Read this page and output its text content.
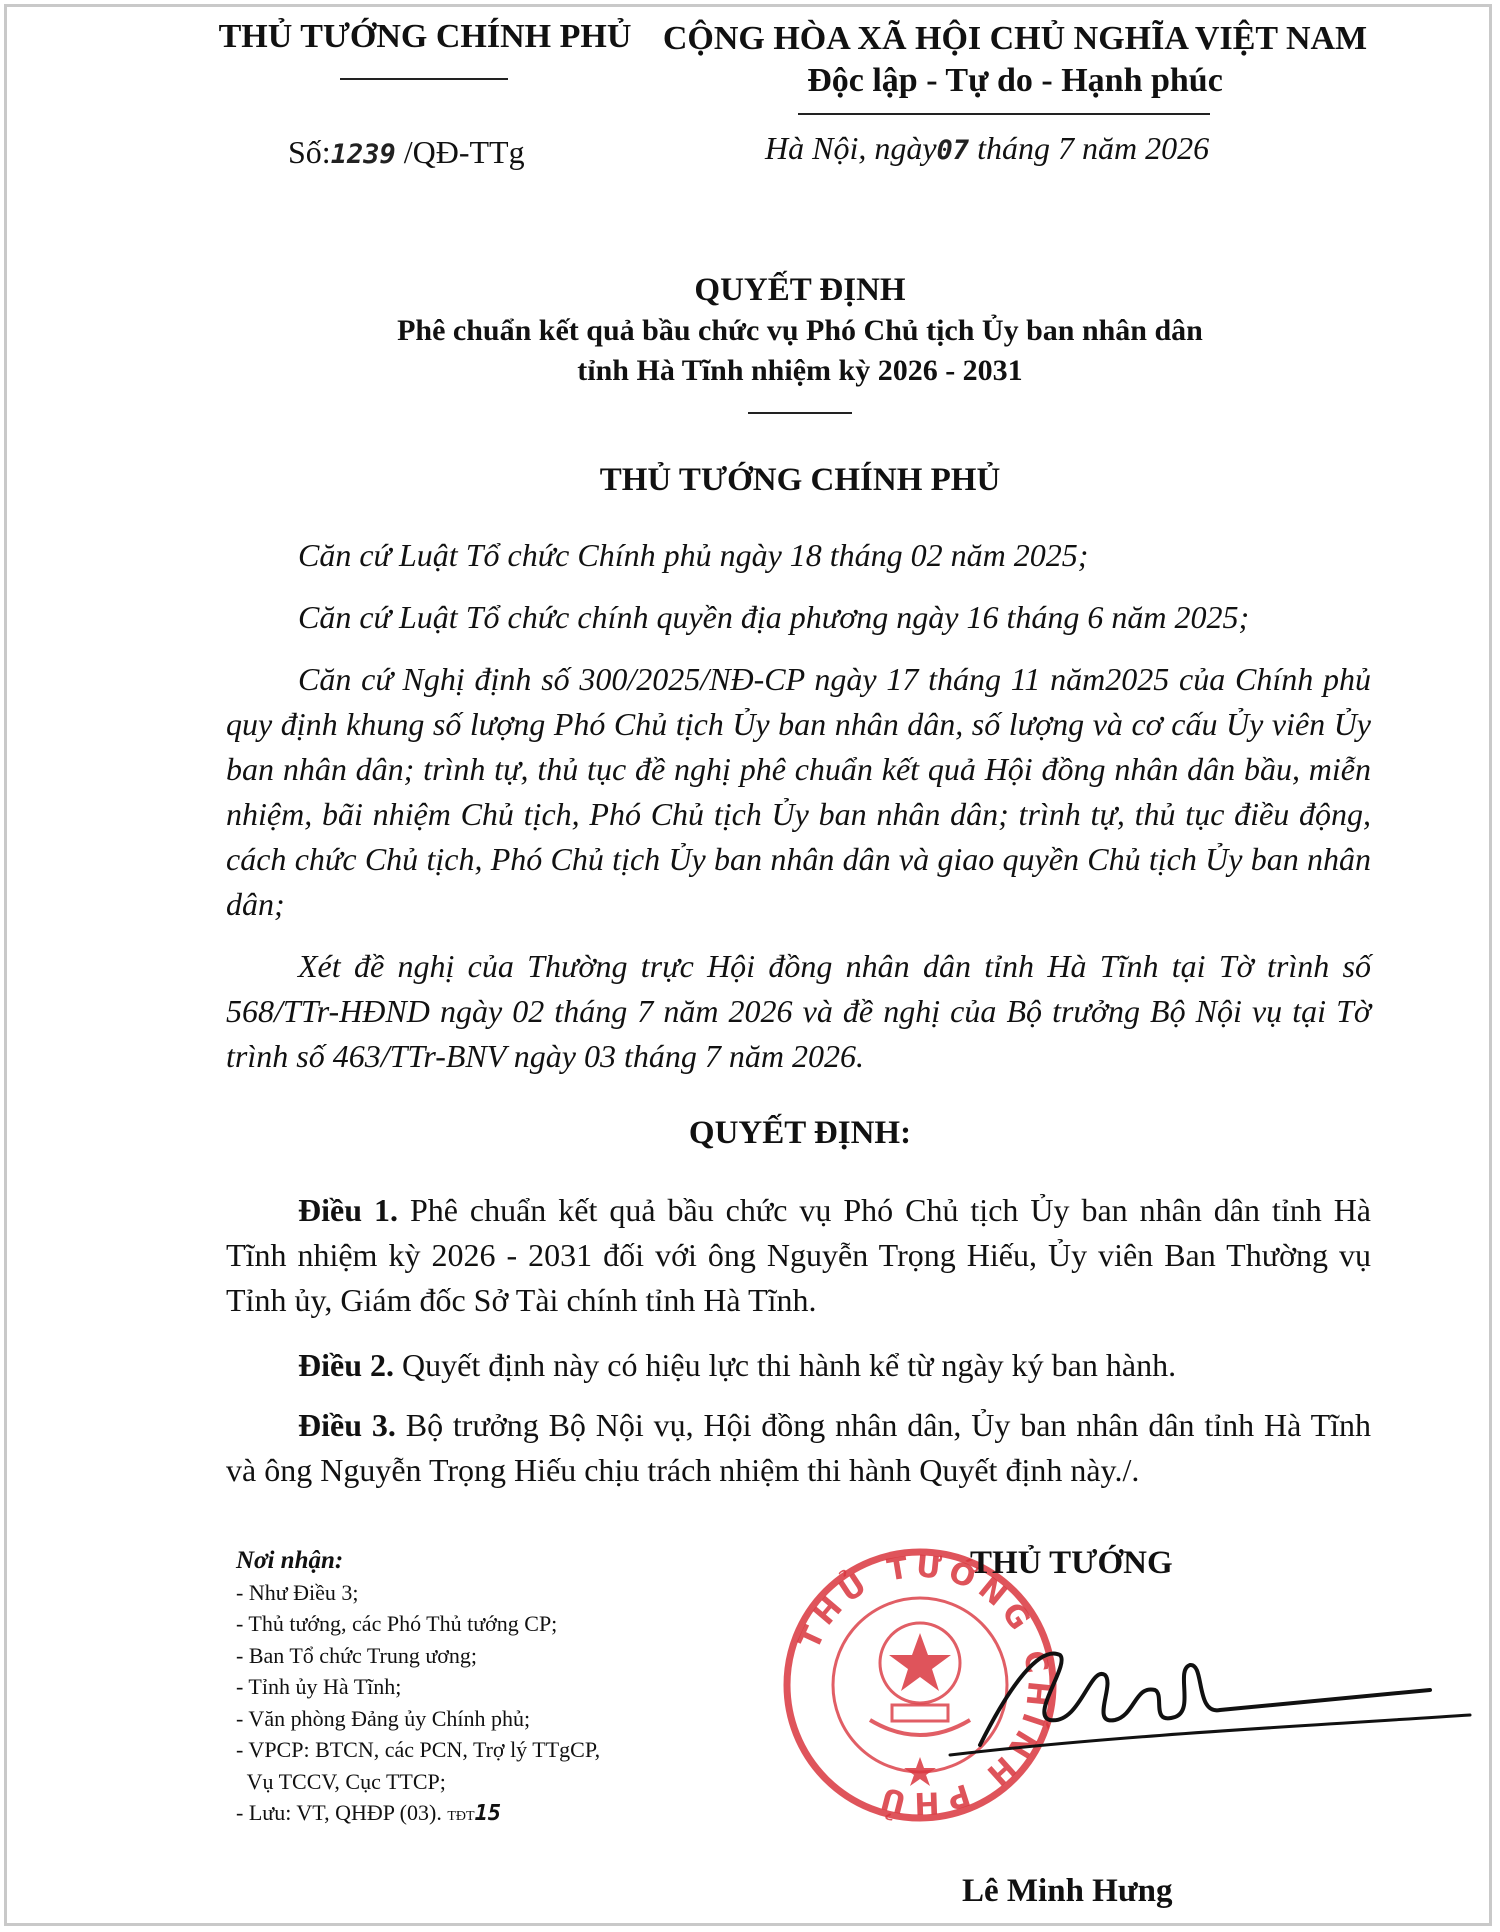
THỦ TƯỚNG CHÍNH PHỦ CỘNG HÒA XÃ HỘI CHỦ NGHĨA VIỆT NAM
Độc lập - Tự do - Hạnh phúc
Số:1239 /QĐ-TTg	Hà Nội, ngày07 tháng 7 năm 2026
QUYẾT ĐỊNH
Phê chuẩn kết quả bầu chức vụ Phó Chủ tịch Ủy ban nhân dân
tỉnh Hà Tĩnh nhiệm kỳ 2026 - 2031
THỦ TƯỚNG CHÍNH PHỦ
Căn cứ Luật Tổ chức Chính phủ ngày 18 tháng 02 năm 2025;
Căn cứ Luật Tổ chức chính quyền địa phương ngày 16 tháng 6 năm 2025;
Căn cứ Nghị định số 300/2025/NĐ-CP ngày 17 tháng 11 năm2025 của Chính phủ quy định khung số lượng Phó Chủ tịch Ủy ban nhân dân, số lượng và cơ cấu Ủy viên Ủy ban nhân dân; trình tự, thủ tục đề nghị phê chuẩn kết quả Hội đồng nhân dân bầu, miễn nhiệm, bãi nhiệm Chủ tịch, Phó Chủ tịch Ủy ban nhân dân; trình tự, thủ tục điều động, cách chức Chủ tịch, Phó Chủ tịch Ủy ban nhân dân và giao quyền Chủ tịch Ủy ban nhân dân;
Xét đề nghị của Thường trực Hội đồng nhân dân tỉnh Hà Tĩnh tại Tờ trình số 568/TTr-HĐND ngày 02 tháng 7 năm 2026 và đề nghị của Bộ trưởng Bộ Nội vụ tại Tờ trình số 463/TTr-BNV ngày 03 tháng 7 năm 2026.
QUYẾT ĐỊNH:
Điều 1. Phê chuẩn kết quả bầu chức vụ Phó Chủ tịch Ủy ban nhân dân tỉnh Hà Tĩnh nhiệm kỳ 2026 - 2031 đối với ông Nguyễn Trọng Hiếu, Ủy viên Ban Thường vụ Tỉnh ủy, Giám đốc Sở Tài chính tỉnh Hà Tĩnh.
Điều 2. Quyết định này có hiệu lực thi hành kể từ ngày ký ban hành.
Điều 3. Bộ trưởng Bộ Nội vụ, Hội đồng nhân dân, Ủy ban nhân dân tỉnh Hà Tĩnh và ông Nguyễn Trọng Hiếu chịu trách nhiệm thi hành Quyết định này./.
Nơi nhận:
- Như Điều 3;
- Thủ tướng, các Phó Thủ tướng CP;
- Ban Tổ chức Trung ương;
- Tỉnh ủy Hà Tĩnh;
- Văn phòng Đảng ủy Chính phủ;
- VPCP: BTCN, các PCN, Trợ lý TTgCP,
Vụ TCCV, Cục TTCP;
- Lưu: VT, QHĐP (03). TĐT15
THỦ TƯỚNG CHÍNH PHỦ
THỦ TƯỚNG
Lê Minh Hưng
